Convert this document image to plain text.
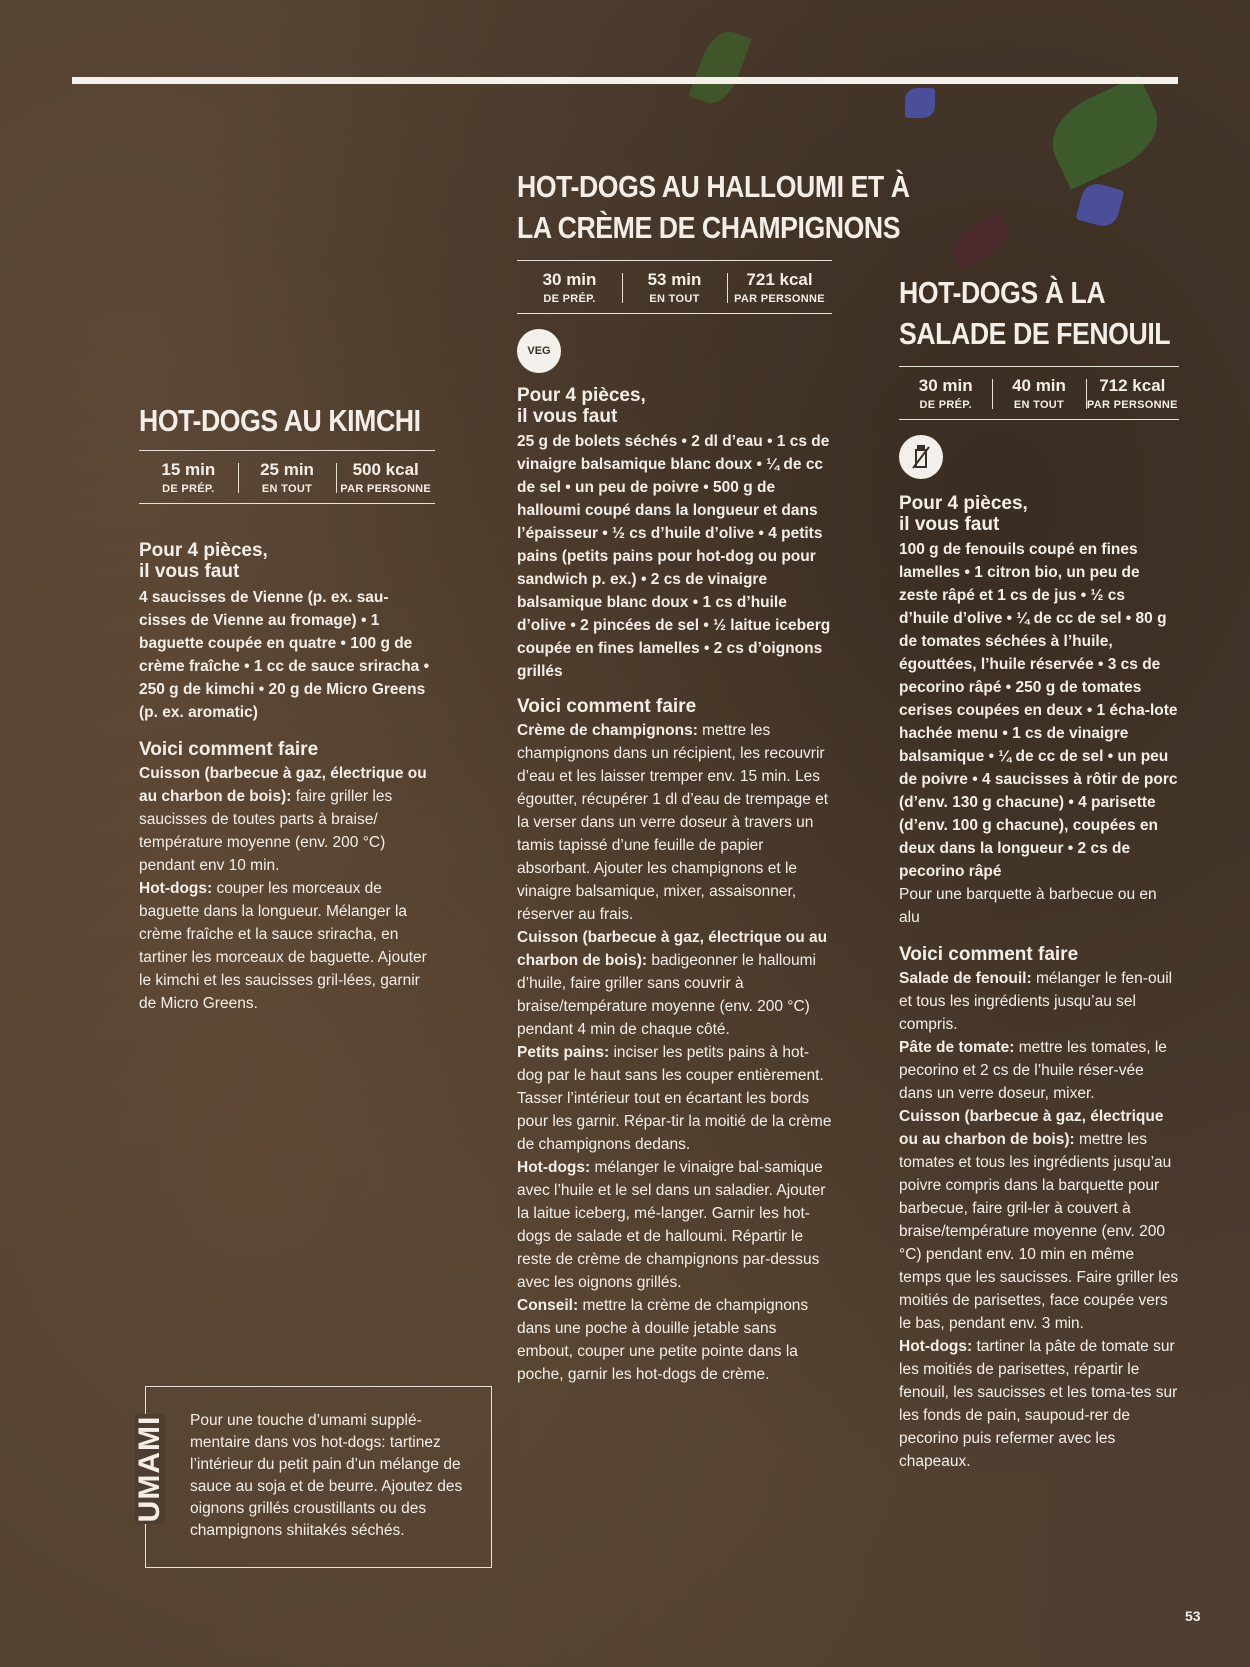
HOT-DOGS AU KIMCHI
15 min
DE PRÉP.
25 min
EN TOUT
500 kcal
PAR PERSONNE
Pour 4 pièces,
il vous faut

4 saucisses de Vienne (p. ex. sau-cisses de Vienne au fromage) • 1 baguette coupée en quatre • 100 g de crème fraîche • 1 cc de sauce sriracha • 250 g de kimchi • 20 g de Micro Greens (p. ex. aromatic)

Voici comment faire

Cuisson (barbecue à gaz, électrique ou au charbon de bois): faire griller les saucisses de toutes parts à braise/ température moyenne (env. 200 °C) pendant env 10 min.

Hot-dogs: couper les morceaux de baguette dans la longueur. Mélanger la crème fraîche et la sauce sriracha, en tartiner les morceaux de baguette. Ajouter le kimchi et les saucisses gril-lées, garnir de Micro Greens.

UMAMI Pour une touche d’umami supplé-mentaire dans vos hot-dogs: tartinez l’intérieur du petit pain d’un mélange de sauce au soja et de beurre. Ajoutez des oignons grillés croustillants ou des champignons shiitakés séchés.
HOT-DOGS AU HALLOUMI ET À
LA CRÈME DE CHAMPIGNONS
30 min
DE PRÉP.
53 min
EN TOUT
721 kcal
PAR PERSONNE
VEG
Pour 4 pièces,
il vous faut

25 g de bolets séchés • 2 dl d’eau • 1 cs de vinaigre balsamique blanc doux • ¼ de cc de sel • un peu de poivre • 500 g de halloumi coupé dans la longueur et dans l’épaisseur • ½ cs d’huile d’olive • 4 petits pains (petits pains pour hot-dog ou pour sandwich p. ex.) • 2 cs de vinaigre balsamique blanc doux • 1 cs d’huile d’olive • 2 pincées de sel • ½ laitue iceberg coupée en fines lamelles • 2 cs d’oignons grillés

Voici comment faire

Crème de champignons: mettre les champignons dans un récipient, les recouvrir d’eau et les laisser tremper env. 15 min. Les égoutter, récupérer 1 dl d’eau de trempage et la verser dans un verre doseur à travers un tamis tapissé d’une feuille de papier absorbant. Ajouter les champignons et le vinaigre balsamique, mixer, assaisonner, réserver au frais.

Cuisson (barbecue à gaz, électrique ou au charbon de bois): badigeonner le halloumi d’huile, faire griller sans couvrir à braise/température moyenne (env. 200 °C) pendant 4 min de chaque côté.

Petits pains: inciser les petits pains à hot-dog par le haut sans les couper entièrement. Tasser l’intérieur tout en écartant les bords pour les garnir. Répar-tir la moitié de la crème de champignons dedans.

Hot-dogs: mélanger le vinaigre bal-samique avec l’huile et le sel dans un saladier. Ajouter la laitue iceberg, mé-langer. Garnir les hot-dogs de salade et de halloumi. Répartir le reste de crème de champignons par-dessus avec les oignons grillés.

Conseil: mettre la crème de champignons dans une poche à douille jetable sans embout, couper une petite pointe dans la poche, garnir les hot-dogs de crème.

HOT-DOGS À LA
SALADE DE FENOUIL
30 min
DE PRÉP.
40 min
EN TOUT
712 kcal
PAR PERSONNE
Pour 4 pièces,
il vous faut

100 g de fenouils coupé en fines lamelles • 1 citron bio, un peu de zeste râpé et 1 cs de jus • ½ cs d’huile d’olive • ¼ de cc de sel • 80 g de tomates séchées à l’huile, égouttées, l’huile réservée • 3 cs de pecorino râpé • 250 g de tomates cerises coupées en deux • 1 écha-lote hachée menu • 1 cs de vinaigre balsamique • ¼ de cc de sel • un peu de poivre • 4 saucisses à rôtir de porc (d’env. 130 g chacune) • 4 parisette (d’env. 100 g chacune), coupées en deux dans la longueur • 2 cs de pecorino râpé

Pour une barquette à barbecue ou en alu

Voici comment faire

Salade de fenouil: mélanger le fen-ouil et tous les ingrédients jusqu’au sel compris.

Pâte de tomate: mettre les tomates, le pecorino et 2 cs de l’huile réser-vée dans un verre doseur, mixer.

Cuisson (barbecue à gaz, électrique ou au charbon de bois): mettre les tomates et tous les ingrédients jusqu’au poivre compris dans la barquette pour barbecue, faire gril-ler à couvert à braise/température moyenne (env. 200 °C) pendant env. 10 min en même temps que les saucisses. Faire griller les moitiés de parisettes, face coupée vers le bas, pendant env. 3 min.

Hot-dogs: tartiner la pâte de tomate sur les moitiés de parisettes, répartir le fenouil, les saucisses et les toma-tes sur les fonds de pain, saupoud-rer de pecorino puis refermer avec les chapeaux.

53
